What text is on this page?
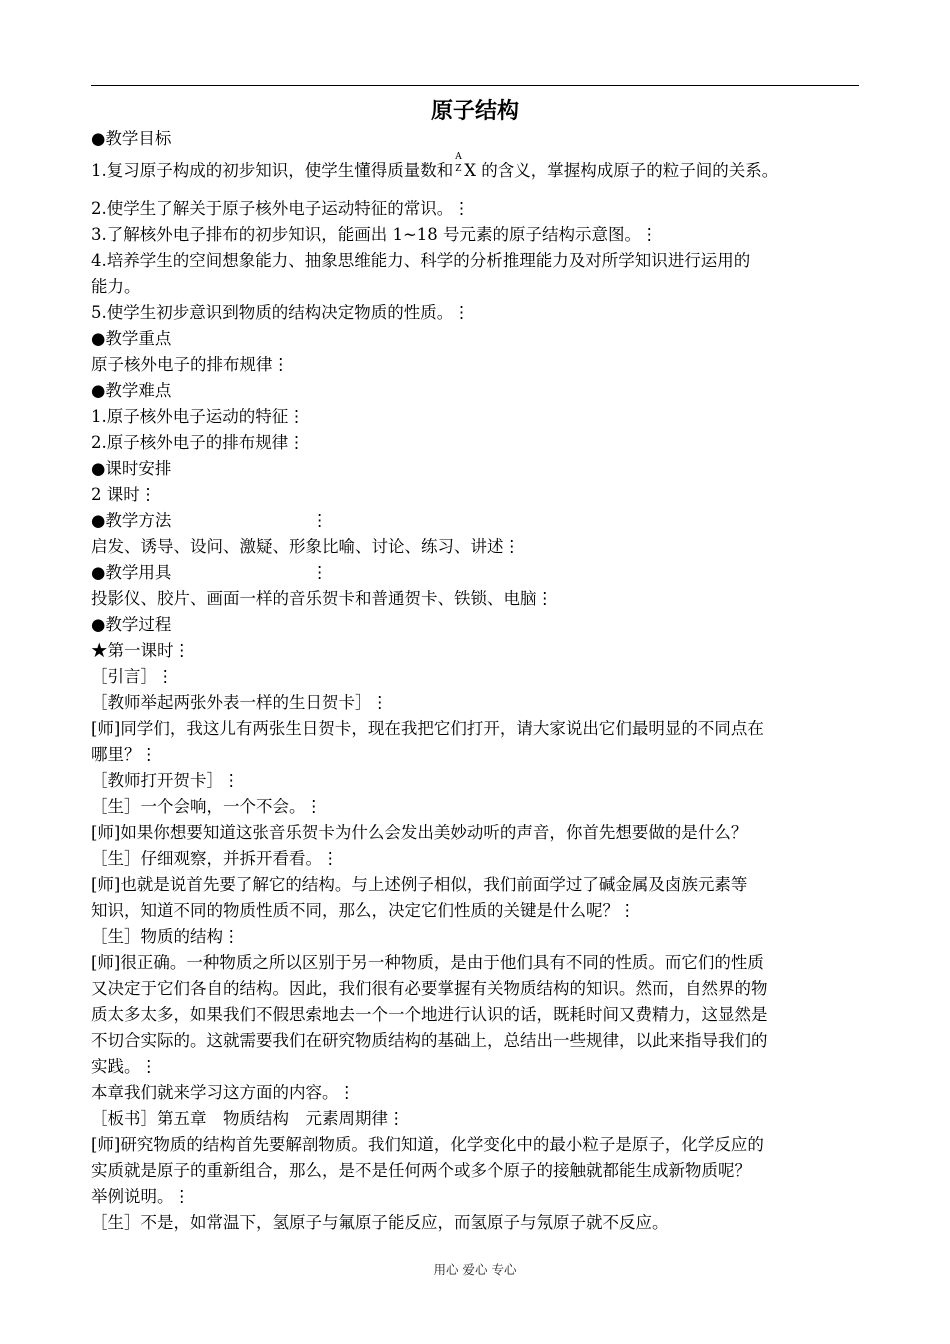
原子结构
●教学目标
1.复习原子构成的初步知识，使学生懂得质量数和
A
Z X 的含义，掌握构成原子的粒子间的关系。
2.使学生了解关于原子核外电子运动特征的常识。⋮
3.了解核外电子排布的初步知识，能画出 1~18 号元素的原子结构示意图。⋮
4.培养学生的空间想象能力、抽象思维能力、科学的分析推理能力及对所学知识进行运用的
能力。
5.使学生初步意识到物质的结构决定物质的性质。⋮
●教学重点
原子核外电子的排布规律⋮
●教学难点
1.原子核外电子运动的特征⋮
2.原子核外电子的排布规律⋮
●课时安排
2 课时⋮
●教学方法	⋮
启发、诱导、设问、激疑、形象比喻、讨论、练习、讲述⋮
●教学用具	⋮
投影仪、胶片、画面一样的音乐贺卡和普通贺卡、铁锁、电脑⋮
●教学过程
★第一课时⋮
［引言］⋮
［教师举起两张外表一样的生日贺卡］⋮
[师]同学们，我这儿有两张生日贺卡，现在我把它们打开，请大家说出它们最明显的不同点在
哪里？⋮
［教师打开贺卡］⋮
［生］一个会响，一个不会。⋮
[师]如果你想要知道这张音乐贺卡为什么会发出美妙动听的声音，你首先想要做的是什么？
［生］仔细观察，并拆开看看。⋮
[师]也就是说首先要了解它的结构。与上述例子相似，我们前面学过了碱金属及卤族元素等
知识，知道不同的物质性质不同，那么，决定它们性质的关键是什么呢？⋮
［生］物质的结构⋮
[师]很正确。一种物质之所以区别于另一种物质，是由于他们具有不同的性质。而它们的性质
又决定于它们各自的结构。因此，我们很有必要掌握有关物质结构的知识。然而，自然界的物
质太多太多，如果我们不假思索地去一个一个地进行认识的话，既耗时间又费精力，这显然是
不切合实际的。这就需要我们在研究物质结构的基础上，总结出一些规律，以此来指导我们的
实践。⋮
本章我们就来学习这方面的内容。⋮
［板书］第五章　物质结构　元素周期律⋮
[师]研究物质的结构首先要解剖物质。我们知道，化学变化中的最小粒子是原子，化学反应的
实质就是原子的重新组合，那么，是不是任何两个或多个原子的接触就都能生成新物质呢？
举例说明。⋮
［生］不是，如常温下，氢原子与氟原子能反应，而氢原子与氖原子就不反应。
用心 爱心 专心
